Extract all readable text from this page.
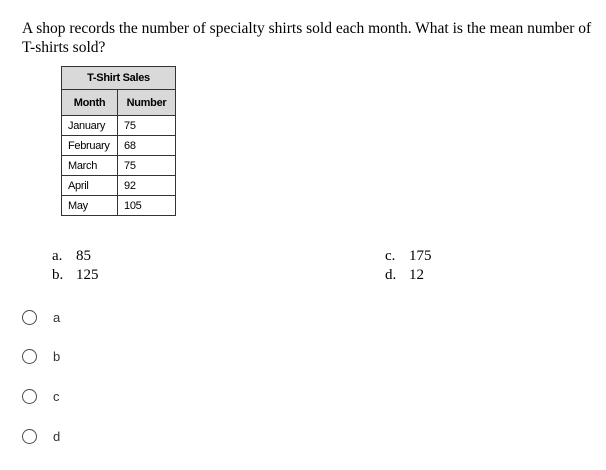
A shop records the number of specialty shirts sold each month. What is the mean number of T-shirts sold?
T-Shirt Sales	
Month	Number
January	75
February	68
March	75
April	92
May	105
a. 85
b. 125
c. 175
d. 12
a
b
c
d
